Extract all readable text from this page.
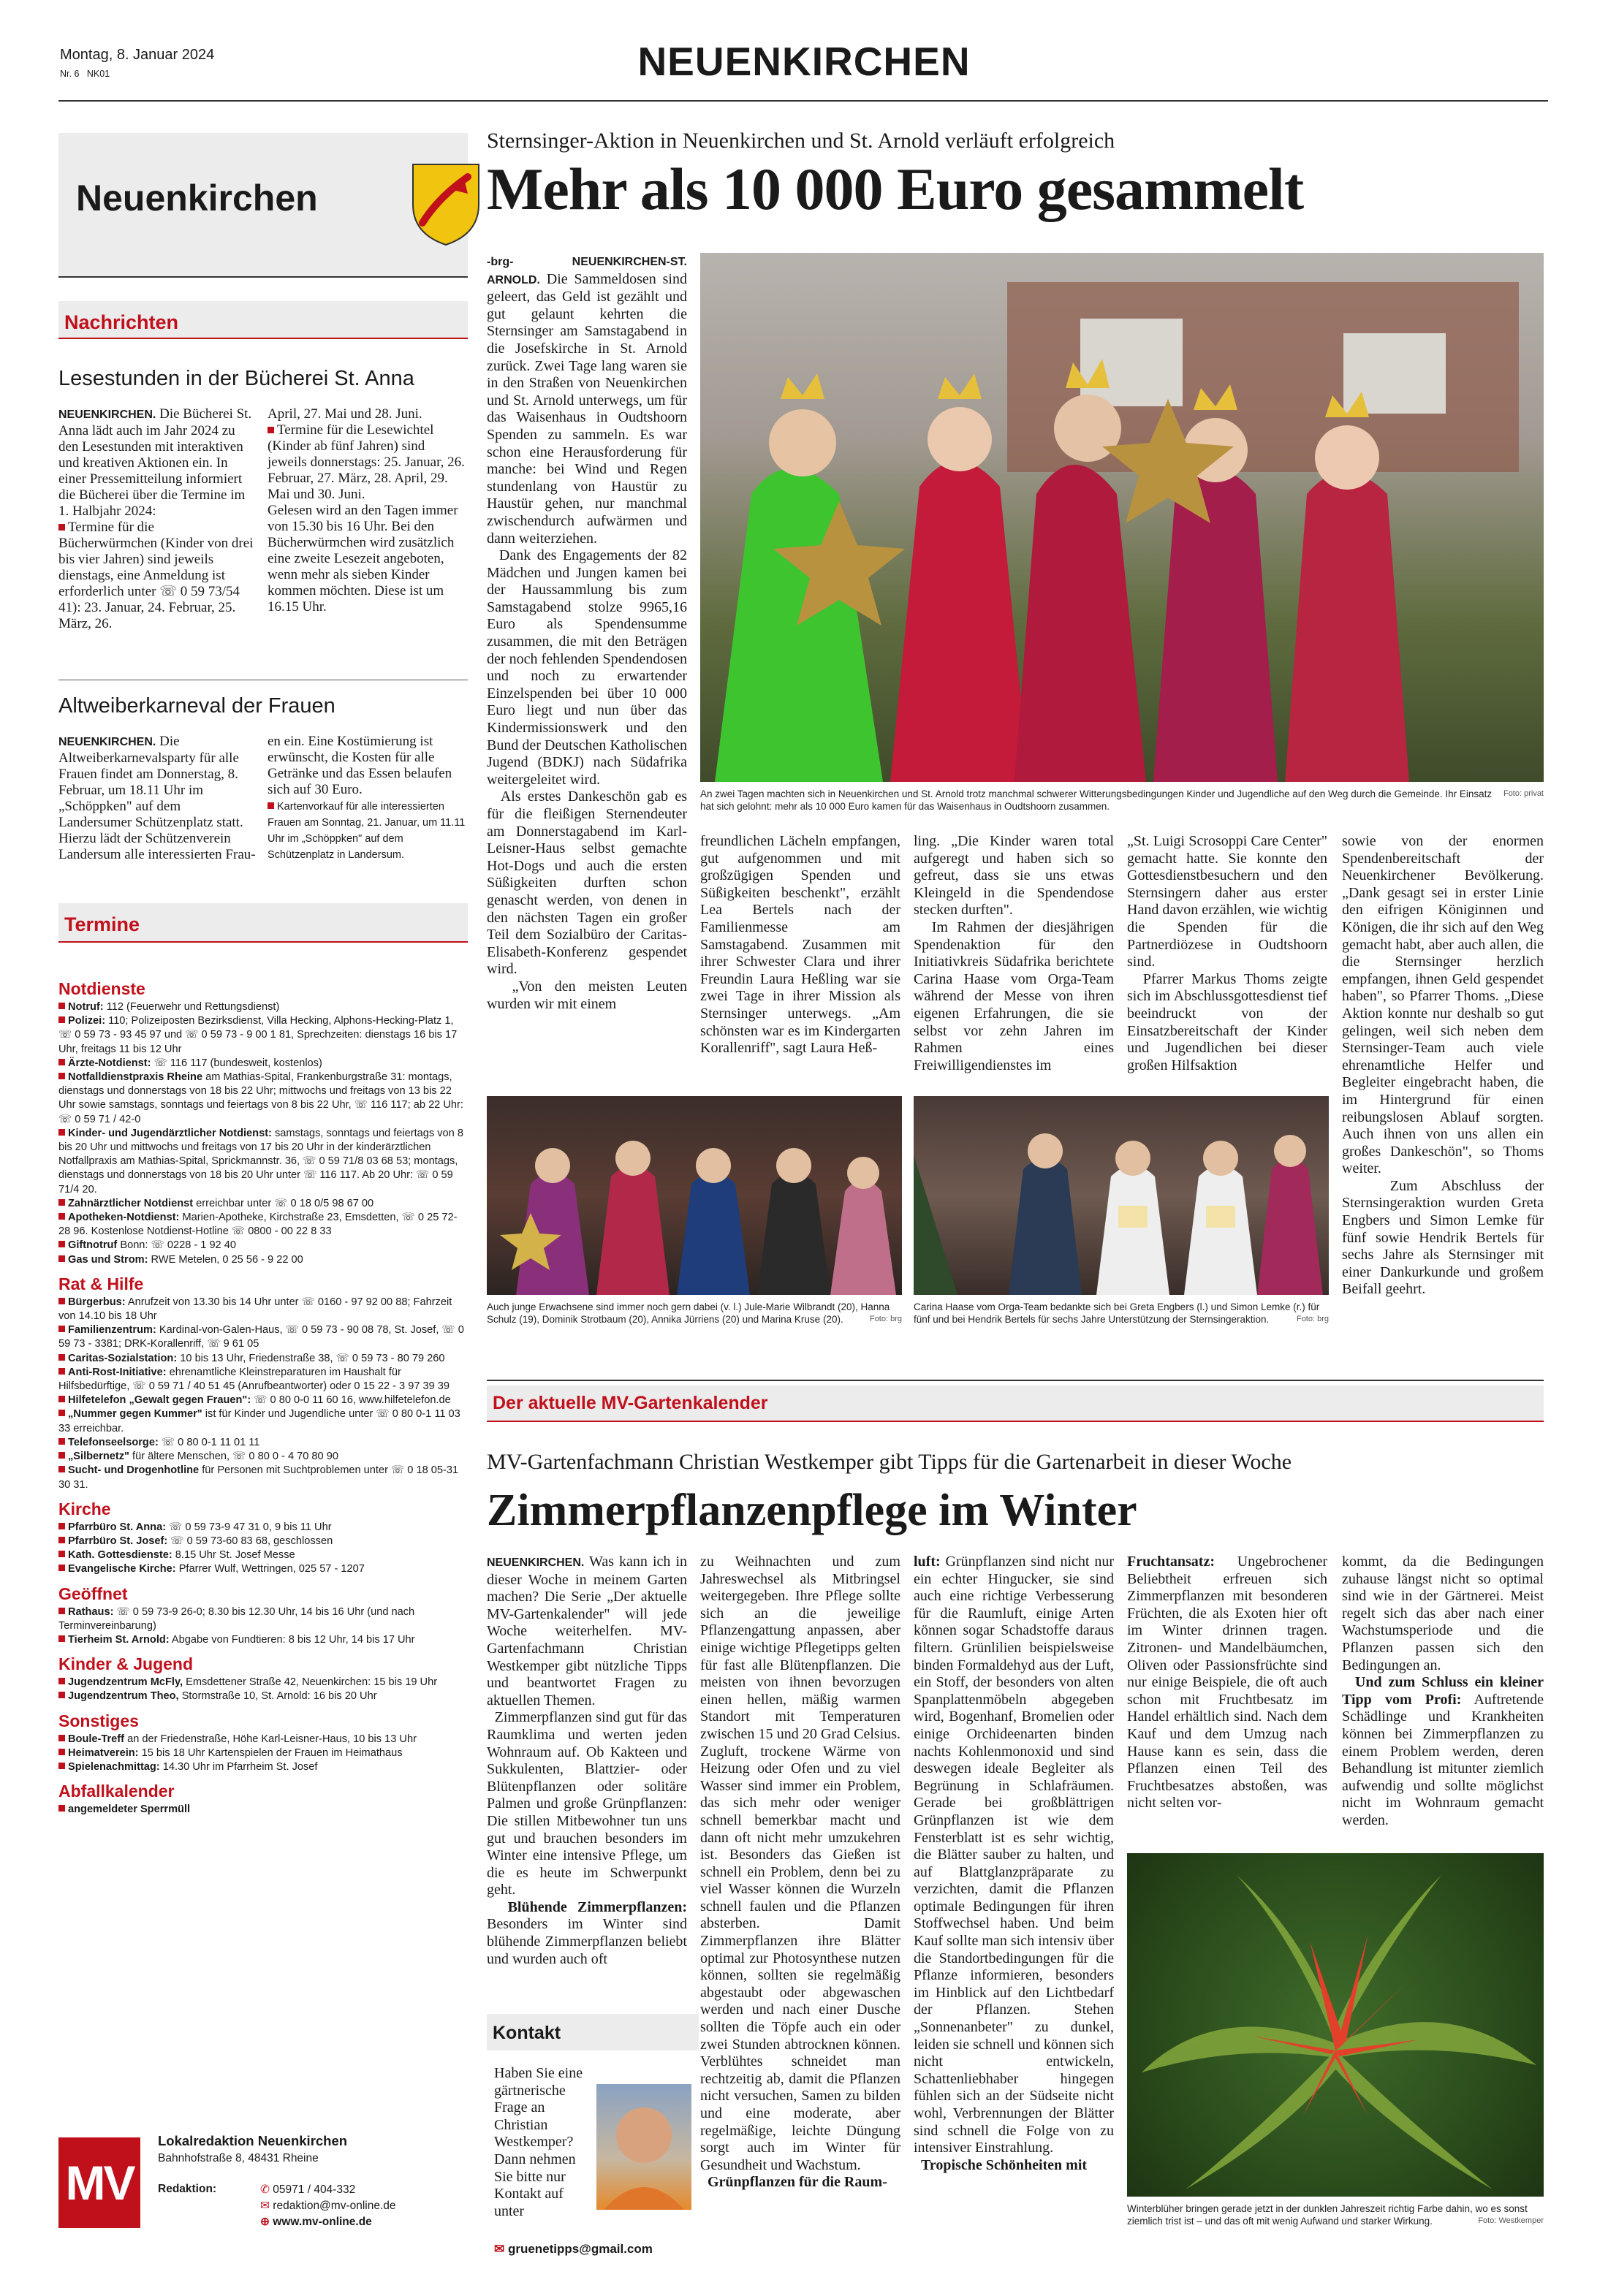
Montag, 8. Januar 2024
Nr. 6 NK01	NEUENKIRCHEN
Neuenkirchen
Nachrichten
Lesestunden in der Bücherei St. Anna
NEUENKIRCHEN. Die Bücherei St. Anna lädt auch im Jahr 2024 zu den Lesestunden mit interaktiven und kreativen Aktionen ein. In einer Pressemitteilung informiert die Bücherei über die Termine im 1. Halbjahr 2024:
Termine für die Bücherwürmchen (Kinder von drei bis vier Jahren) sind jeweils dienstags, eine Anmeldung ist erforderlich unter ☏ 0 59 73/54 41): 23. Januar, 24. Februar, 25. März, 26.
April, 27. Mai und 28. Juni.
Termine für die Lesewichtel (Kinder ab fünf Jahren) sind jeweils donnerstags: 25. Januar, 26. Februar, 27. März, 28. April, 29. Mai und 30. Juni.
Gelesen wird an den Tagen immer von 15.30 bis 16 Uhr. Bei den Bücherwürmchen wird zusätzlich eine zweite Lesezeit angeboten, wenn mehr als sieben Kinder kommen möchten. Diese ist um 16.15 Uhr.
Altweiberkarneval der Frauen
NEUENKIRCHEN. Die Altweiberkarnevalsparty für alle Frauen findet am Donnerstag, 8. Februar, um 18.11 Uhr im „Schöppken" auf dem Landersumer Schützenplatz statt. Hierzu lädt der Schützenverein Landersum alle interessierten Frau-
en ein. Eine Kostümierung ist erwünscht, die Kosten für alle Getränke und das Essen belaufen sich auf 30 Euro.
Kartenvorkauf für alle interessierten Frauen am Sonntag, 21. Januar, um 11.11 Uhr im „Schöppken" auf dem Schützenplatz in Landersum.
Termine
Notdienste

Notruf: 112 (Feuerwehr und Rettungsdienst)

Polizei: 110; Polizeiposten Bezirksdienst, Villa Hecking, Alphons-Hecking-Platz 1, ☏ 0 59 73 - 93 45 97 und ☏ 0 59 73 - 9 00 1 81, Sprechzeiten: dienstags 16 bis 17 Uhr, freitags 11 bis 12 Uhr

Ärzte-Notdienst: ☏ 116 117 (bundesweit, kostenlos)

Notfalldienstpraxis Rheine am Mathias-Spital, Frankenburgstraße 31: montags, dienstags und donnerstags von 18 bis 22 Uhr; mittwochs und freitags von 13 bis 22 Uhr sowie samstags, sonntags und feiertags von 8 bis 22 Uhr, ☏ 116 117; ab 22 Uhr: ☏ 0 59 71 / 42-0

Kinder- und Jugendärztlicher Notdienst: samstags, sonntags und feiertags von 8 bis 20 Uhr und mittwochs und freitags von 17 bis 20 Uhr in der kinderärztlichen Notfallpraxis am Mathias-Spital, Sprickmannstr. 36, ☏ 0 59 71/8 03 68 53; montags, dienstags und donnerstags von 18 bis 20 Uhr unter ☏ 116 117. Ab 20 Uhr: ☏ 0 59 71/4 20.

Zahnärztlicher Notdienst erreichbar unter ☏ 0 18 0/5 98 67 00

Apotheken-Notdienst: Marien-Apotheke, Kirchstraße 23, Emsdetten, ☏ 0 25 72-28 96. Kostenlose Notdienst-Hotline ☏ 0800 - 00 22 8 33

Giftnotruf Bonn: ☏ 0228 - 1 92 40

Gas und Strom: RWE Metelen, 0 25 56 - 9 22 00

Rat & Hilfe

Bürgerbus: Anrufzeit von 13.30 bis 14 Uhr unter ☏ 0160 - 97 92 00 88; Fahrzeit von 14.10 bis 18 Uhr

Familienzentrum: Kardinal-von-Galen-Haus, ☏ 0 59 73 - 90 08 78, St. Josef, ☏ 0 59 73 - 3381; DRK-Korallenriff, ☏ 9 61 05

Caritas-Sozialstation: 10 bis 13 Uhr, Friedenstraße 38, ☏ 0 59 73 - 80 79 260

Anti-Rost-Initiative: ehrenamtliche Kleinstreparaturen im Haushalt für Hilfsbedürftige, ☏ 0 59 71 / 40 51 45 (Anrufbeantworter) oder 0 15 22 - 3 97 39 39

Hilfetelefon „Gewalt gegen Frauen": ☏ 0 80 0-0 11 60 16, www.hilfetelefon.de

„Nummer gegen Kummer" ist für Kinder und Jugendliche unter ☏ 0 80 0-1 11 03 33 erreichbar.

Telefonseelsorge: ☏ 0 80 0-1 11 01 11

„Silbernetz" für ältere Menschen, ☏ 0 80 0 - 4 70 80 90

Sucht- und Drogenhotline für Personen mit Suchtproblemen unter ☏ 0 18 05-31 30 31.

Kirche

Pfarrbüro St. Anna: ☏ 0 59 73-9 47 31 0, 9 bis 11 Uhr

Pfarrbüro St. Josef: ☏ 0 59 73-60 83 68, geschlossen

Kath. Gottesdienste: 8.15 Uhr St. Josef Messe

Evangelische Kirche: Pfarrer Wulf, Wettringen, 025 57 - 1207

Geöffnet

Rathaus: ☏ 0 59 73-9 26-0; 8.30 bis 12.30 Uhr, 14 bis 16 Uhr (und nach Terminvereinbarung)

Tierheim St. Arnold: Abgabe von Fundtieren: 8 bis 12 Uhr, 14 bis 17 Uhr

Kinder & Jugend

Jugendzentrum McFly, Emsdettener Straße 42, Neuenkirchen: 15 bis 19 Uhr

Jugendzentrum Theo, Stormstraße 10, St. Arnold: 16 bis 20 Uhr

Sonstiges

Boule-Treff an der Friedenstraße, Höhe Karl-Leisner-Haus, 10 bis 13 Uhr

Heimatverein: 15 bis 18 Uhr Kartenspielen der Frauen im Heimathaus

Spielenachmittag: 14.30 Uhr im Pfarrheim St. Josef

Abfallkalender

angemeldeter Sperrmüll

MV
Lokalredaktion Neuenkirchen
Bahnhofstraße 8, 48431 Rheine
Redaktion:	✆ 05971 / 404-332
✉ redaktion@mv-online.de
⊕ www.mv-online.de
Sternsinger-Aktion in Neuenkirchen und St. Arnold verläuft erfolgreich
Mehr als 10 000 Euro gesammelt
-brg-	NEUENKIRCHEN-ST. ARNOLD. Die Sammeldosen sind geleert, das Geld ist gezählt und gut gelaunt kehrten die Sternsinger am Samstagabend in die Josefskirche in St. Arnold zurück. Zwei Tage lang waren sie in den Straßen von Neuenkirchen und St. Arnold unterwegs, um für das Waisenhaus in Oudtshoorn Spenden zu sammeln. Es war schon eine Herausforderung für manche: bei Wind und Regen stundenlang von Haustür zu Haustür gehen, nur manchmal zwischendurch aufwärmen und dann weiterziehen.
Dank des Engagements der 82 Mädchen und Jungen kamen bei der Haussammlung bis zum Samstagabend stolze 9965,16 Euro als Spendensumme zusammen, die mit den Beträgen der noch fehlenden Spendendosen und noch zu erwartender Einzelspenden bei über 10 000 Euro liegt und nun über das Kindermissionswerk und den Bund der Deutschen Katholischen Jugend (BDKJ) nach Südafrika weitergeleitet wird.
Als erstes Dankeschön gab es für die fleißigen Sternendeuter am Donnerstagabend im Karl-Leisner-Haus selbst gemachte Hot-Dogs und auch die ersten Süßigkeiten durften schon genascht werden, von denen in den nächsten Tagen ein großer Teil dem Sozialbüro der Caritas-Elisabeth-Konferenz gespendet wird.
„Von den meisten Leuten wurden wir mit einem
Foto: privat
An zwei Tagen machten sich in Neuenkirchen und St. Arnold trotz manchmal schwerer Witterungsbedingungen Kinder und Jugendliche auf den Weg durch die Gemeinde. Ihr Einsatz hat sich gelohnt: mehr als 10 000 Euro kamen für das Waisenhaus in Oudtshoorn zusammen.
freundlichen Lächeln empfangen, gut aufgenommen und mit großzügigen Spenden und Süßigkeiten beschenkt", erzählt Lea Bertels nach der Familienmesse am Samstagabend. Zusammen mit ihrer Schwester Clara und ihrer Freundin Laura Heßling war sie zwei Tage in ihrer Mission als Sternsinger unterwegs. „Am schönsten war es im Kindergarten Korallenriff", sagt Laura Heß-
ling. „Die Kinder waren total aufgeregt und haben sich so gefreut, dass sie uns etwas Kleingeld in die Spendendose stecken durften".
Im Rahmen der diesjährigen Spendenaktion für den Initiativkreis Südafrika berichtete Carina Haase vom Orga-Team während der Messe von ihren eigenen Erfahrungen, die sie selbst vor zehn Jahren im Rahmen eines Freiwilligendienstes im
„St. Luigi Scrosoppi Care Center" gemacht hatte. Sie konnte den Gottesdienstbesuchern und den Sternsingern daher aus erster Hand davon erzählen, wie wichtig die Spenden für die Partnerdiözese in Oudtshoorn sind.
Pfarrer Markus Thoms zeigte sich im Abschlussgottesdienst tief beeindruckt von der Einsatzbereitschaft der Kinder und Jugendlichen bei dieser großen Hilfsaktion
sowie von der enormen Spendenbereitschaft der Neuenkirchener Bevölkerung. „Dank gesagt sei in erster Linie den eifrigen Königinnen und Königen, die ihr sich auf den Weg gemacht habt, aber auch allen, die die Sternsinger herzlich empfangen, ihnen Geld gespendet haben", so Pfarrer Thoms. „Diese Aktion konnte nur deshalb so gut gelingen, weil sich neben dem Sternsinger-Team auch viele ehrenamtliche Helfer und Begleiter eingebracht haben, die im Hintergrund für einen reibungslosen Ablauf sorgten. Auch ihnen von uns allen ein großes Dankeschön", so Thoms weiter.
Zum Abschluss der Sternsingeraktion wurden Greta Engbers und Simon Lemke für fünf sowie Hendrik Bertels für sechs Jahre als Sternsinger mit einer Dankurkunde und großem Beifall geehrt.
Auch junge Erwachsene sind immer noch gern dabei (v. l.) Jule-Marie Wilbrandt (20), Hanna Schulz (19), Dominik Strotbaum (20), Annika Jürriens (20) und Marina Kruse (20).	Foto: brg
Carina Haase vom Orga-Team bedankte sich bei Greta Engbers (l.) und Simon Lemke (r.) für fünf und bei Hendrik Bertels für sechs Jahre Unterstützung der Sternsingeraktion.	Foto: brg
Der aktuelle MV-Gartenkalender
MV-Gartenfachmann Christian Westkemper gibt Tipps für die Gartenarbeit in dieser Woche
Zimmerpflanzenpflege im Winter
NEUENKIRCHEN. Was kann ich in dieser Woche in meinem Garten machen? Die Serie „Der aktuelle MV-Gartenkalender" will jede Woche weiterhelfen. MV-Gartenfachmann Christian Westkemper gibt nützliche Tipps und beantwortet Fragen zu aktuellen Themen.
Zimmerpflanzen sind gut für das Raumklima und werten jeden Wohnraum auf. Ob Kakteen und Sukkulenten, Blattzier- oder Blütenpflanzen oder solitäre Palmen und große Grünpflanzen: Die stillen Mitbewohner tun uns gut und brauchen besonders im Winter eine intensive Pflege, um die es heute im Schwerpunkt geht.
Blühende Zimmerpflanzen: Besonders im Winter sind blühende Zimmerpflanzen beliebt und wurden auch oft
zu Weihnachten und zum Jahreswechsel als Mitbringsel weitergegeben. Ihre Pflege sollte sich an die jeweilige Pflanzengattung anpassen, aber einige wichtige Pflegetipps gelten für fast alle Blütenpflanzen. Die meisten von ihnen bevorzugen einen hellen, mäßig warmen Standort mit Temperaturen zwischen 15 und 20 Grad Celsius. Zugluft, trockene Wärme von Heizung oder Ofen und zu viel Wasser sind immer ein Problem, das sich mehr oder weniger schnell bemerkbar macht und dann oft nicht mehr umzukehren ist. Besonders das Gießen ist schnell ein Problem, denn bei zu viel Wasser können die Wurzeln schnell faulen und die Pflanzen absterben. Damit Zimmerpflanzen ihre Blätter optimal zur Photosynthese nutzen können, sollten sie regelmäßig abgestaubt oder abgewaschen werden und nach einer Dusche sollten die Töpfe auch ein oder zwei Stunden abtrocknen können. Verblühtes schneidet man rechtzeitig ab, damit die Pflanzen nicht versuchen, Samen zu bilden und eine moderate, aber regelmäßige, leichte Düngung sorgt auch im Winter für Gesundheit und Wachstum.
Grünpflanzen für die Raum-
luft: Grünpflanzen sind nicht nur ein echter Hingucker, sie sind auch eine richtige Verbesserung für die Raumluft, einige Arten können sogar Schadstoffe daraus filtern. Grünlilien beispielsweise binden Formaldehyd aus der Luft, ein Stoff, der besonders von alten Spanplattenmöbeln abgegeben wird, Bogenhanf, Bromelien oder einige Orchideenarten binden nachts Kohlenmonoxid und sind deswegen ideale Begleiter als Begrünung in Schlafräumen. Gerade bei großblättrigen Grünpflanzen ist wie dem Fensterblatt ist es sehr wichtig, die Blätter sauber zu halten, und auf Blattglanzpräparate zu verzichten, damit die Pflanzen optimale Bedingungen für ihren Stoffwechsel haben. Und beim Kauf sollte man sich intensiv über die Standortbedingungen für die Pflanze informieren, besonders im Hinblick auf den Lichtbedarf der Pflanzen. Stehen „Sonnenanbeter" zu dunkel, leiden sie schnell und können sich nicht entwickeln, Schattenliebhaber hingegen fühlen sich an der Südseite nicht wohl, Verbrennungen der Blätter sind schnell die Folge von zu intensiver Einstrahlung.
Tropische Schönheiten mit
Fruchtansatz: Ungebrochener Beliebtheit erfreuen sich Zimmerpflanzen mit besonderen Früchten, die als Exoten hier oft im Winter drinnen tragen. Zitronen- und Mandelbäumchen, Oliven oder Passionsfrüchte sind nur einige Beispiele, die oft auch schon mit Fruchtbesatz im Handel erhältlich sind. Nach dem Kauf und dem Umzug nach Hause kann es sein, dass die Pflanzen einen Teil des Fruchtbesatzes abstoßen, was nicht selten vor-
kommt, da die Bedingungen zuhause längst nicht so optimal sind wie in der Gärtnerei. Meist regelt sich das aber nach einer Wachstumsperiode und die Pflanzen passen sich den Bedingungen an.
Und zum Schluss ein kleiner Tipp vom Profi: Auftretende Schädlinge und Krankheiten können bei Zimmerpflanzen zu einem Problem werden, deren Behandlung ist mitunter ziemlich aufwendig und sollte möglichst nicht im Wohnraum gemacht werden.
Winterblüher bringen gerade jetzt in der dunklen Jahreszeit richtig Farbe dahin, wo es sonst ziemlich trist ist – und das oft mit wenig Aufwand und starker Wirkung.	Foto: Westkemper
Kontakt
Haben Sie eine gärtnerische Frage an Christian Westkemper? Dann nehmen Sie bitte nur Kontakt auf unter
✉ gruenetipps@gmail.com
